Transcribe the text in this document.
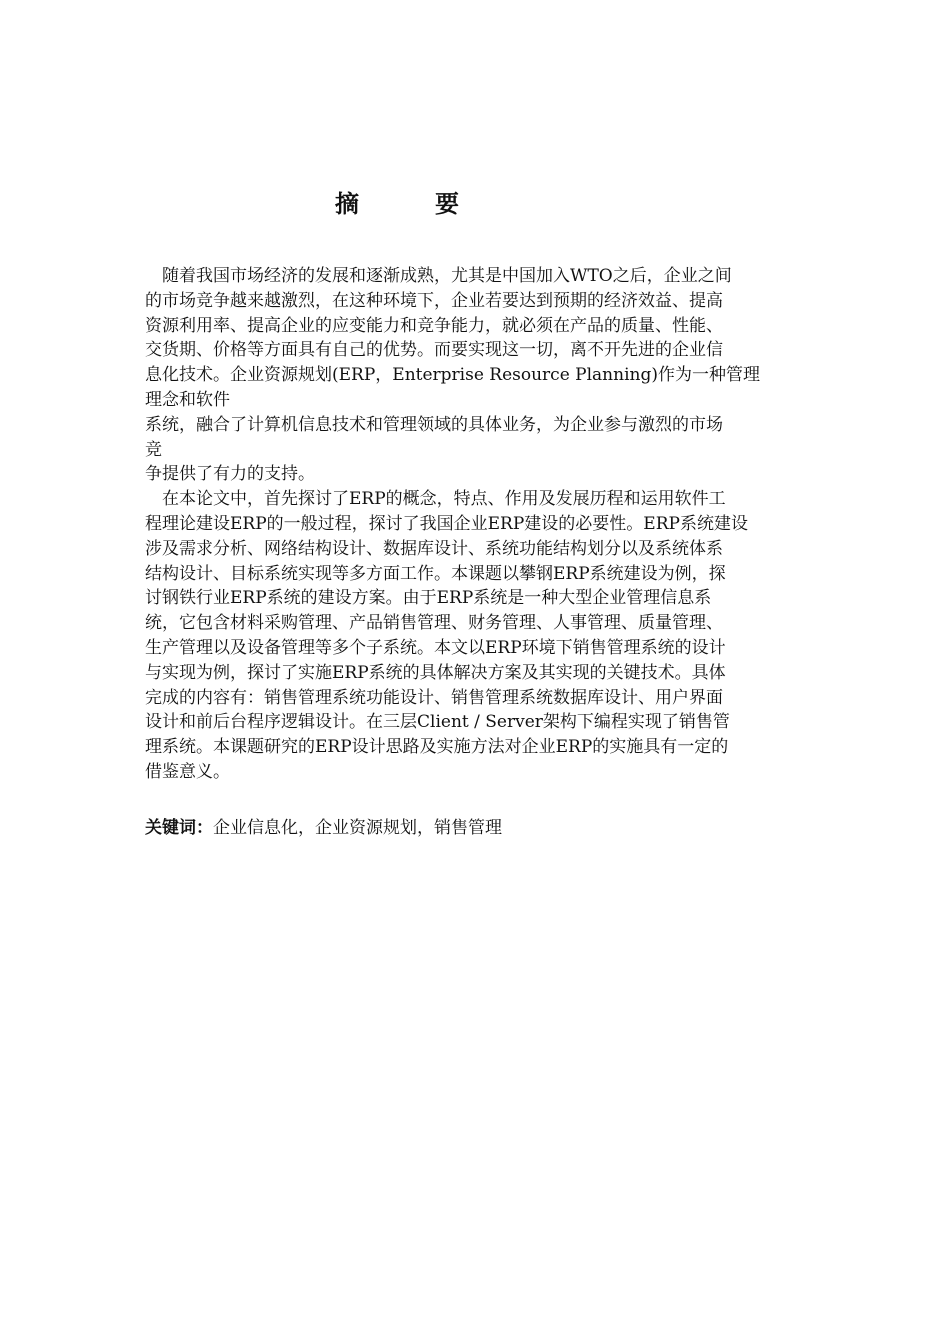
摘　要
　随着我国市场经济的发展和逐渐成熟，尤其是中国加入WTO之后，企业之间
的市场竞争越来越激烈，在这种环境下，企业若要达到预期的经济效益、提高
资源利用率、提高企业的应变能力和竞争能力，就必须在产品的质量、性能、
交货期、价格等方面具有自己的优势。而要实现这一切，离不开先进的企业信
息化技术。企业资源规划(ERP，Enterprise Resource Planning)作为一种管理
理念和软件
系统，融合了计算机信息技术和管理领域的具体业务，为企业参与激烈的市场
竞
争提供了有力的支持。
　在本论文中，首先探讨了ERP的概念，特点、作用及发展历程和运用软件工
程理论建设ERP的一般过程，探讨了我国企业ERP建设的必要性。ERP系统建设
涉及需求分析、网络结构设计、数据库设计、系统功能结构划分以及系统体系
结构设计、目标系统实现等多方面工作。本课题以攀钢ERP系统建设为例，探
讨钢铁行业ERP系统的建设方案。由于ERP系统是一种大型企业管理信息系
统，它包含材料采购管理、产品销售管理、财务管理、人事管理、质量管理、
生产管理以及设备管理等多个子系统。本文以ERP环境下销售管理系统的设计
与实现为例，探讨了实施ERP系统的具体解决方案及其实现的关键技术。具体
完成的内容有：销售管理系统功能设计、销售管理系统数据库设计、用户界面
设计和前后台程序逻辑设计。在三层Client / Server架构下编程实现了销售管
理系统。本课题研究的ERP设计思路及实施方法对企业ERP的实施具有一定的
借鉴意义。
关键词：企业信息化，企业资源规划，销售管理
